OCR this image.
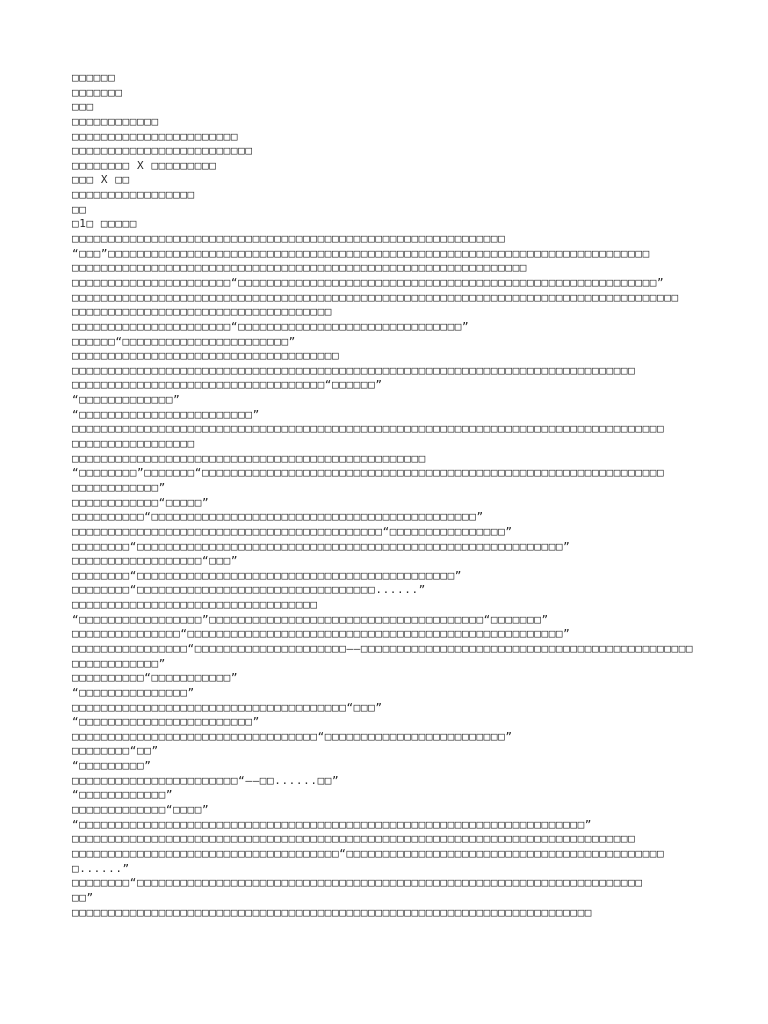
□□□□□□
□□□□□□□
□□□
□□□□□□□□□□□□
□□□□□□□□□□□□□□□□□□□□□□□
□□□□□□□□□□□□□□□□□□□□□□□□□
□□□□□□□□ X □□□□□□□□□
□□□ X □□
□□□□□□□□□□□□□□□□□
□□
□1□ □□□□□
□□□□□□□□□□□□□□□□□□□□□□□□□□□□□□□□□□□□□□□□□□□□□□□□□□□□□□□□□□□□
“□□□”□□□□□□□□□□□□□□□□□□□□□□□□□□□□□□□□□□□□□□□□□□□□□□□□□□□□□□□□□□□□□□□□□□□□□□□□□□□
□□□□□□□□□□□□□□□□□□□□□□□□□□□□□□□□□□□□□□□□□□□□□□□□□□□□□□□□□□□□□□□
□□□□□□□□□□□□□□□□□□□□□□“□□□□□□□□□□□□□□□□□□□□□□□□□□□□□□□□□□□□□□□□□□□□□□□□□□□□□□□□□□”
□□□□□□□□□□□□□□□□□□□□□□□□□□□□□□□□□□□□□□□□□□□□□□□□□□□□□□□□□□□□□□□□□□□□□□□□□□□□□□□□□□□□
□□□□□□□□□□□□□□□□□□□□□□□□□□□□□□□□□□□□
□□□□□□□□□□□□□□□□□□□□□□“□□□□□□□□□□□□□□□□□□□□□□□□□□□□□□□”
□□□□□□“□□□□□□□□□□□□□□□□□□□□□□□”
□□□□□□□□□□□□□□□□□□□□□□□□□□□□□□□□□□□□□
□□□□□□□□□□□□□□□□□□□□□□□□□□□□□□□□□□□□□□□□□□□□□□□□□□□□□□□□□□□□□□□□□□□□□□□□□□□□□□
□□□□□□□□□□□□□□□□□□□□□□□□□□□□□□□□□□□“□□□□□□”
“□□□□□□□□□□□□□”
“□□□□□□□□□□□□□□□□□□□□□□□□”
□□□□□□□□□□□□□□□□□□□□□□□□□□□□□□□□□□□□□□□□□□□□□□□□□□□□□□□□□□□□□□□□□□□□□□□□□□□□□□□□□□
□□□□□□□□□□□□□□□□□
□□□□□□□□□□□□□□□□□□□□□□□□□□□□□□□□□□□□□□□□□□□□□□□□□
“□□□□□□□□”□□□□□□□“□□□□□□□□□□□□□□□□□□□□□□□□□□□□□□□□□□□□□□□□□□□□□□□□□□□□□□□□□□□□□□□□
□□□□□□□□□□□□”
□□□□□□□□□□□□“□□□□□”
□□□□□□□□□□“□□□□□□□□□□□□□□□□□□□□□□□□□□□□□□□□□□□□□□□□□□□□□”
□□□□□□□□□□□□□□□□□□□□□□□□□□□□□□□□□□□□□□□□□□□“□□□□□□□□□□□□□□□□”
□□□□□□□□“□□□□□□□□□□□□□□□□□□□□□□□□□□□□□□□□□□□□□□□□□□□□□□□□□□□□□□□□□□□”
□□□□□□□□□□□□□□□□□□“□□□”
□□□□□□□□“□□□□□□□□□□□□□□□□□□□□□□□□□□□□□□□□□□□□□□□□□□□□”
□□□□□□□□“□□□□□□□□□□□□□□□□□□□□□□□□□□□□□□□□□......”
□□□□□□□□□□□□□□□□□□□□□□□□□□□□□□□□□□
“□□□□□□□□□□□□□□□□□”□□□□□□□□□□□□□□□□□□□□□□□□□□□□□□□□□□□□□□“□□□□□□□”
□□□□□□□□□□□□□□□“□□□□□□□□□□□□□□□□□□□□□□□□□□□□□□□□□□□□□□□□□□□□□□□□□□□□”
□□□□□□□□□□□□□□□□“□□□□□□□□□□□□□□□□□□□□□——□□□□□□□□□□□□□□□□□□□□□□□□□□□□□□□□□□□□□□□□□□□□□□
□□□□□□□□□□□□”
□□□□□□□□□□“□□□□□□□□□□□”
“□□□□□□□□□□□□□□□”
□□□□□□□□□□□□□□□□□□□□□□□□□□□□□□□□□□□□□□“□□□”
“□□□□□□□□□□□□□□□□□□□□□□□□”
□□□□□□□□□□□□□□□□□□□□□□□□□□□□□□□□□□“□□□□□□□□□□□□□□□□□□□□□□□□□”
□□□□□□□□“□□”
“□□□□□□□□□”
□□□□□□□□□□□□□□□□□□□□□□□“——□□......□□”
“□□□□□□□□□□□□”
□□□□□□□□□□□□□“□□□□”
“□□□□□□□□□□□□□□□□□□□□□□□□□□□□□□□□□□□□□□□□□□□□□□□□□□□□□□□□□□□□□□□□□□□□□□”
□□□□□□□□□□□□□□□□□□□□□□□□□□□□□□□□□□□□□□□□□□□□□□□□□□□□□□□□□□□□□□□□□□□□□□□□□□□□□□
□□□□□□□□□□□□□□□□□□□□□□□□□□□□□□□□□□□□□“□□□□□□□□□□□□□□□□□□□□□□□□□□□□□□□□□□□□□□□□□□□□
□......”
□□□□□□□□“□□□□□□□□□□□□□□□□□□□□□□□□□□□□□□□□□□□□□□□□□□□□□□□□□□□□□□□□□□□□□□□□□□□□□□
□□”
□□□□□□□□□□□□□□□□□□□□□□□□□□□□□□□□□□□□□□□□□□□□□□□□□□□□□□□□□□□□□□□□□□□□□□□□
